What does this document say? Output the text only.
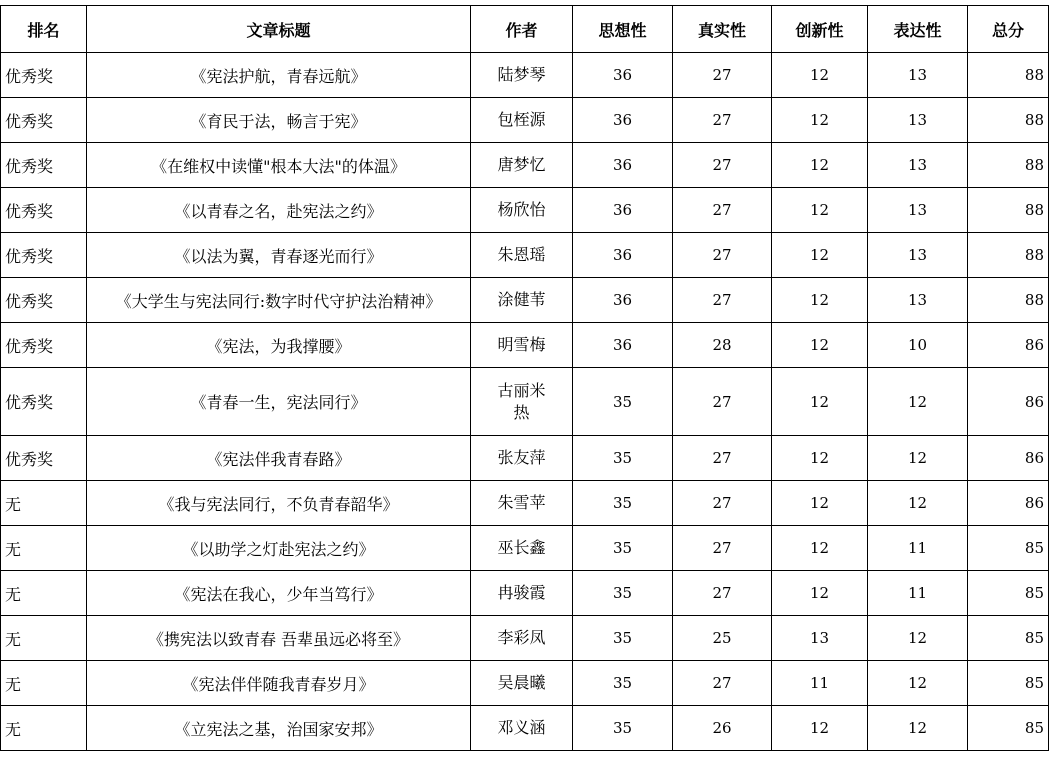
排名	文章标题	作者	思想性	真实性	创新性	表达性	总分
优秀奖	《宪法护航，青春远航》	陆梦琴	36	27	12	13	88
优秀奖	《育民于法，畅言于宪》	包桎源	36	27	12	13	88
优秀奖	《在维权中读懂"根本大法"的体温》	唐梦忆	36	27	12	13	88
优秀奖	《以青春之名，赴宪法之约》	杨欣怡	36	27	12	13	88
优秀奖	《以法为翼，青春逐光而行》	朱恩瑶	36	27	12	13	88
优秀奖	《大学生与宪法同行:数字时代守护法治精神》	涂健苇	36	27	12	13	88
优秀奖	《宪法，为我撑腰》	明雪梅	36	28	12	10	86
优秀奖	《青春一生，宪法同行》	古丽米热	35	27	12	12	86
优秀奖	《宪法伴我青春路》	张友萍	35	27	12	12	86
无	《我与宪法同行，不负青春韶华》	朱雪苹	35	27	12	12	86
无	《以助学之灯赴宪法之约》	巫长鑫	35	27	12	11	85
无	《宪法在我心，少年当笃行》	冉骏霞	35	27	12	11	85
无	《携宪法以致青春 吾辈虽远必将至》	李彩凤	35	25	13	12	85
无	《宪法伴伴随我青春岁月》	吴晨曦	35	27	11	12	85
无	《立宪法之基，治国家安邦》	邓义涵	35	26	12	12	85
